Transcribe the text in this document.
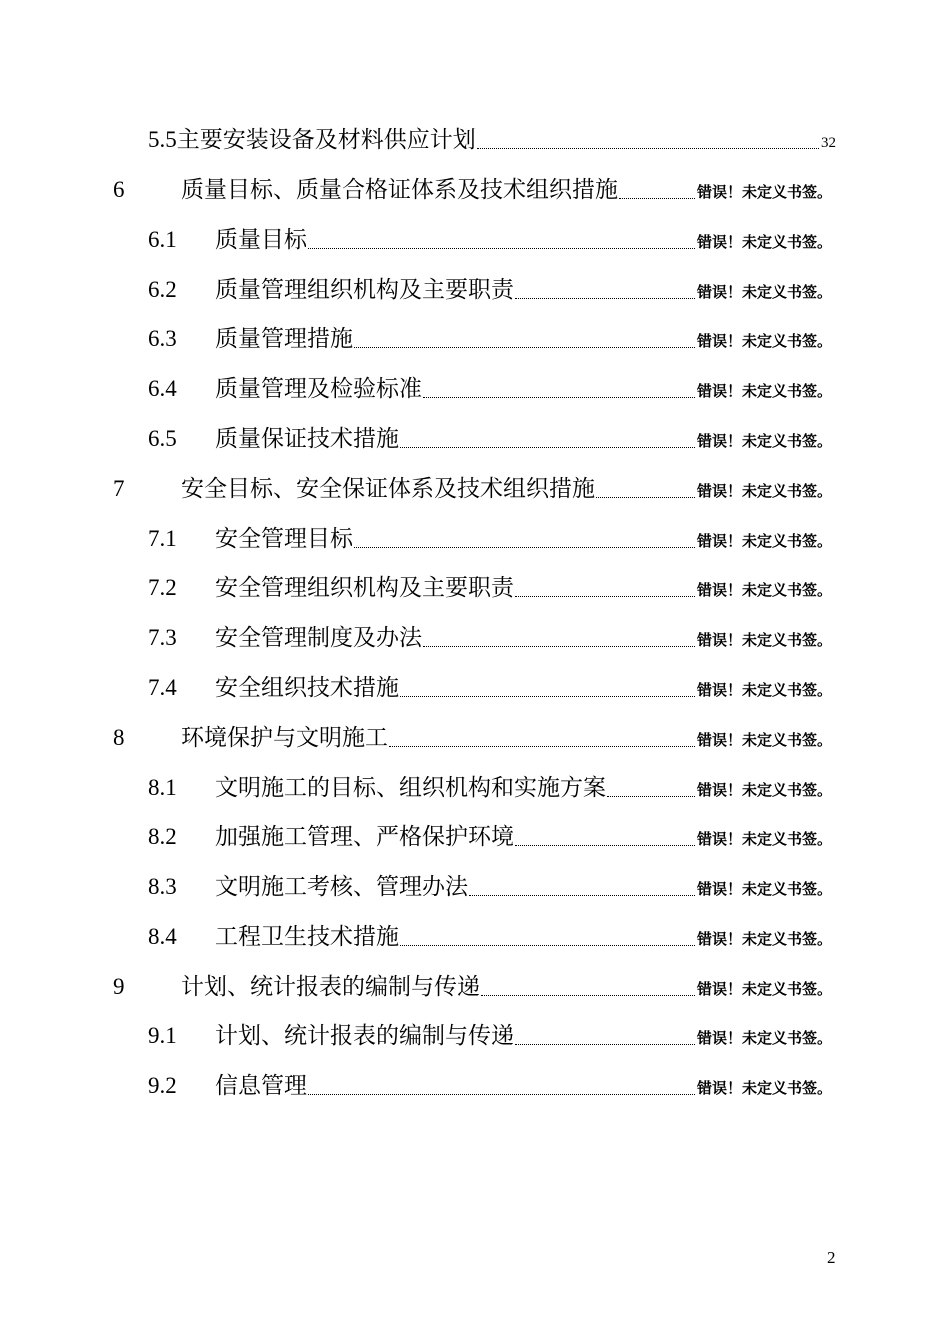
5.5 主要安装设备及材料供应计划	32
6	质量目标、质量合格证体系及技术组织措施	错误！未定义书签。
6.1	质量目标	错误！未定义书签。
6.2	质量管理组织机构及主要职责	错误！未定义书签。
6.3	质量管理措施	错误！未定义书签。
6.4	质量管理及检验标准	错误！未定义书签。
6.5	质量保证技术措施	错误！未定义书签。
7	安全目标、安全保证体系及技术组织措施	错误！未定义书签。
7.1	安全管理目标	错误！未定义书签。
7.2	安全管理组织机构及主要职责	错误！未定义书签。
7.3	安全管理制度及办法	错误！未定义书签。
7.4	安全组织技术措施	错误！未定义书签。
8	环境保护与文明施工	错误！未定义书签。
8.1	文明施工的目标、组织机构和实施方案	错误！未定义书签。
8.2	加强施工管理、严格保护环境	错误！未定义书签。
8.3	文明施工考核、管理办法	错误！未定义书签。
8.4	工程卫生技术措施	错误！未定义书签。
9	计划、统计报表的编制与传递	错误！未定义书签。
9.1	计划、统计报表的编制与传递	错误！未定义书签。
9.2	信息管理	错误！未定义书签。
2
